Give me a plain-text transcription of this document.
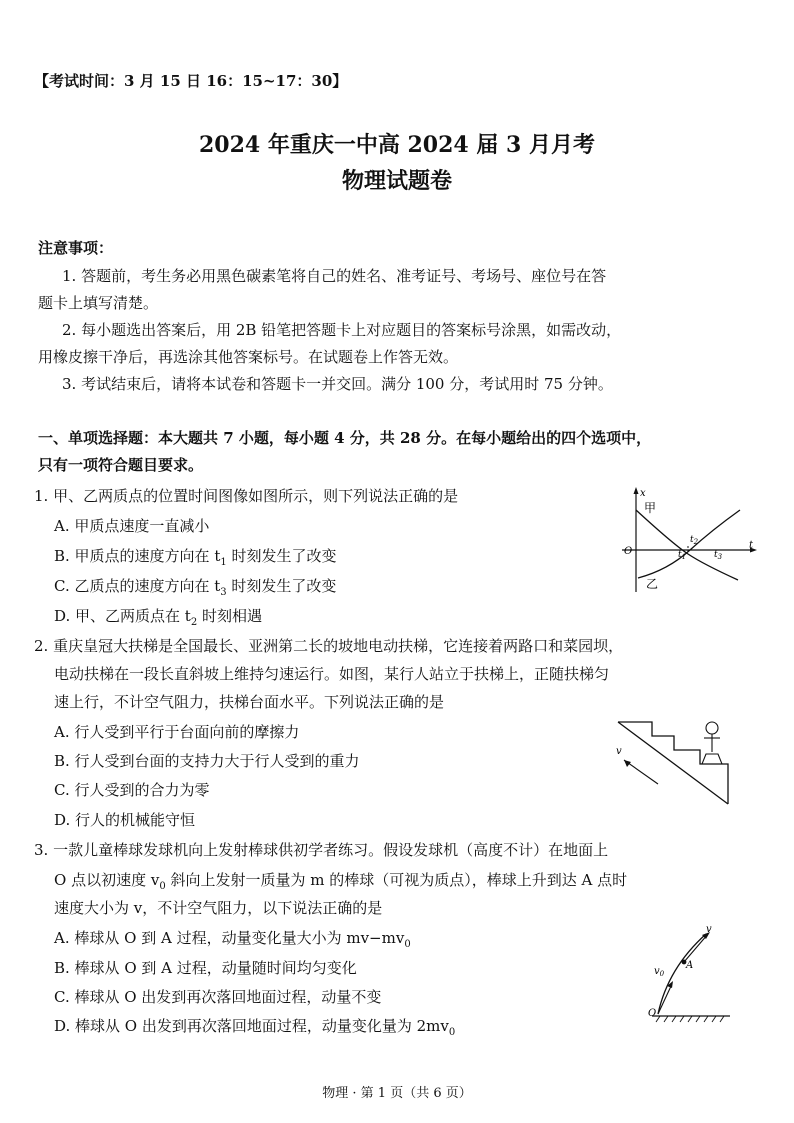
【考试时间：3 月 15 日 16：15~17：30】
2024 年重庆一中高 2024 届 3 月月考
物理试题卷
注意事项：
1. 答题前，考生务必用黑色碳素笔将自己的姓名、准考证号、考场号、座位号在答
题卡上填写清楚。
2. 每小题选出答案后，用 2B 铅笔把答题卡上对应题目的答案标号涂黑，如需改动，
用橡皮擦干净后，再选涂其他答案标号。在试题卷上作答无效。
3. 考试结束后，请将本试卷和答题卡一并交回。满分 100 分，考试用时 75 分钟。
一、单项选择题：本大题共 7 小题，每小题 4 分，共 28 分。在每小题给出的四个选项中，
只有一项符合题目要求。
1. 甲、乙两质点的位置时间图像如图所示，则下列说法正确的是
A. 甲质点速度一直减小
B. 甲质点的速度方向在 $t_1$ 时刻发生了改变
C. 乙质点的速度方向在 $t_3$ 时刻发生了改变
D. 甲、乙两质点在 $t_2$ 时刻相遇
x
t
O
甲
乙
$t_1$
$t_2$
$t_3$
2. 重庆皇冠大扶梯是全国最长、亚洲第二长的坡地电动扶梯，它连接着两路口和菜园坝，
电动扶梯在一段长直斜坡上维持匀速运行。如图，某行人站立于扶梯上，正随扶梯匀
速上行，不计空气阻力，扶梯台面水平。下列说法正确的是
A. 行人受到平行于台面向前的摩擦力
B. 行人受到台面的支持力大于行人受到的重力
C. 行人受到的合力为零
D. 行人的机械能守恒
v
3. 一款儿童棒球发球机向上发射棒球供初学者练习。假设发球机（高度不计）在地面上
O 点以初速度 $v_0$ 斜向上发射一质量为 m 的棒球（可视为质点），棒球上升到达 A 点时
速度大小为 v，不计空气阻力，以下说法正确的是
A. 棒球从 O 到 A 过程，动量变化量大小为 $mv-mv_0$
B. 棒球从 O 到 A 过程，动量随时间均匀变化
C. 棒球从 O 出发到再次落回地面过程，动量不变
D. 棒球从 O 出发到再次落回地面过程，动量变化量为 $2mv_0$
A
v
$v_0$
O
物理 · 第 1 页（共 6 页）
